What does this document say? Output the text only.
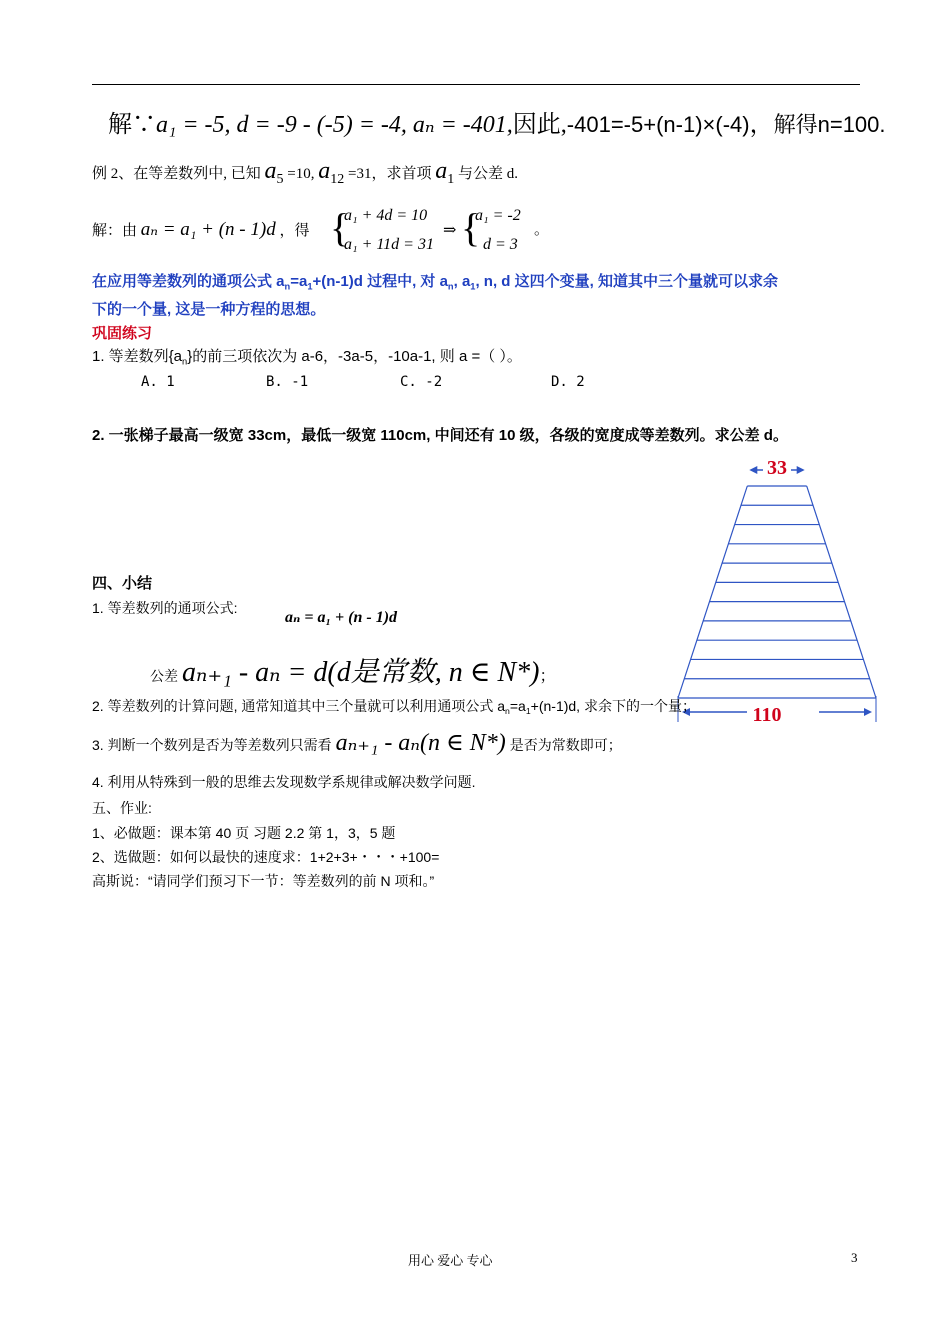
解∵a₁ = -5, d = -9 - (-5) = -4, aₙ = -401,因此,-401=-5+(n-1)×(-4)，解得n=100.
例 2、在等差数列中, 已知 a5 =10, a12 =31，求首项 a1 与公差 d.
解：由 aₙ = a₁ + (n - 1)d ，得 {
a₁ + 4d = 10
a₁ + 11d = 31
⇒ {
a₁ = -2
d = 3
。
在应用等差数列的通项公式 $a_n=a_1+(n-1)d$ 过程中, 对 $a_n$, $a_1$, n, d 这四个变量, 知道其中三个量就可以求余
下的一个量, 这是一种方程的思想。
巩固练习
1. 等差数列$\{a_n\}$的前三项依次为 a-6，-3a-5，-10a-1, 则 a =（ ）。
A. 1	B. -1	C. -2	D. 2
2. 一张梯子最高一级宽 33cm，最低一级宽 110cm, 中间还有 10 级，各级的宽度成等差数列。求公差 d。
33
110
四、小结
1. 等差数列的通项公式:
aₙ = a₁ + (n - 1)d
公差 aₙ₊₁ - aₙ = d(d是常数, n ∈ N*)；
2. 等差数列的计算问题, 通常知道其中三个量就可以利用通项公式 $a_n=a_1+(n-1)d$, 求余下的一个量；
3. 判断一个数列是否为等差数列只需看 aₙ₊₁ - aₙ(n ∈ N*) 是否为常数即可；
4. 利用从特殊到一般的思维去发现数学系规律或解决数学问题.
五、作业:
1、必做题：课本第 40 页 习题 2.2 第 1，3，5 题
2、选做题：如何以最快的速度求：1+2+3+・・・+100=
高斯说：“请同学们预习下一节：等差数列的前 N 项和。”
用心 爱心 专心	3
